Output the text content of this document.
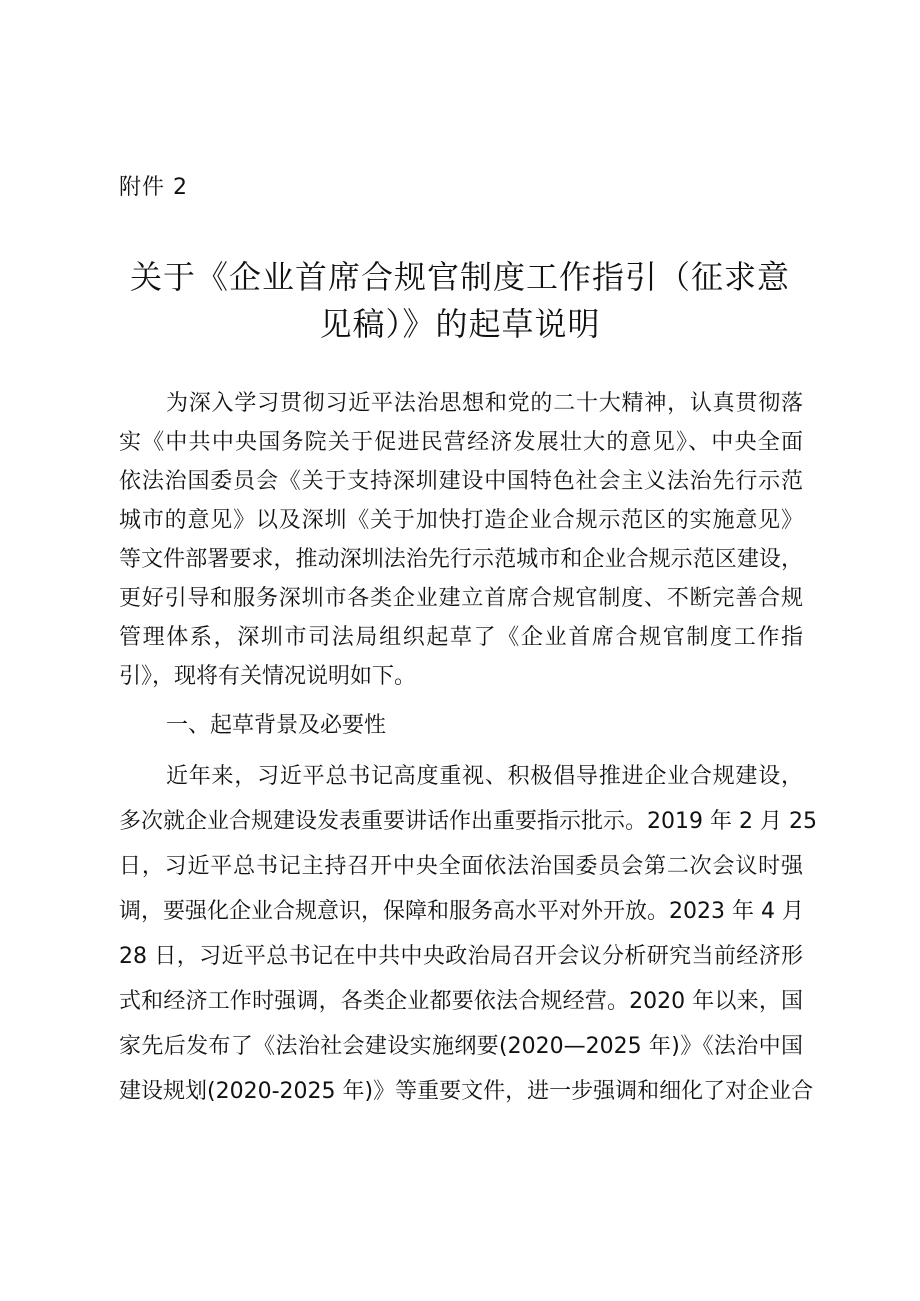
附件 2
关于《企业首席合规官制度工作指引（征求意
见稿）》的起草说明
为深入学习贯彻习近平法治思想和党的二十大精神，认真贯彻落
实《中共中央国务院关于促进民营经济发展壮大的意见》、中央全面
依法治国委员会《关于支持深圳建设中国特色社会主义法治先行示范
城市的意见》以及深圳《关于加快打造企业合规示范区的实施意见》
等文件部署要求，推动深圳法治先行示范城市和企业合规示范区建设，
更好引导和服务深圳市各类企业建立首席合规官制度、不断完善合规
管理体系，深圳市司法局组织起草了《企业首席合规官制度工作指
引》，现将有关情况说明如下。
一、起草背景及必要性
近年来，习近平总书记高度重视、积极倡导推进企业合规建设，
多次就企业合规建设发表重要讲话作出重要指示批示。2019 年 2 月 25
日，习近平总书记主持召开中央全面依法治国委员会第二次会议时强
调，要强化企业合规意识，保障和服务高水平对外开放。2023 年 4 月
28 日，习近平总书记在中共中央政治局召开会议分析研究当前经济形
式和经济工作时强调，各类企业都要依法合规经营。2020 年以来，国
家先后发布了《法治社会建设实施纲要(2020—2025 年)》《法治中国
建设规划(2020-2025 年)》等重要文件，进一步强调和细化了对企业合
